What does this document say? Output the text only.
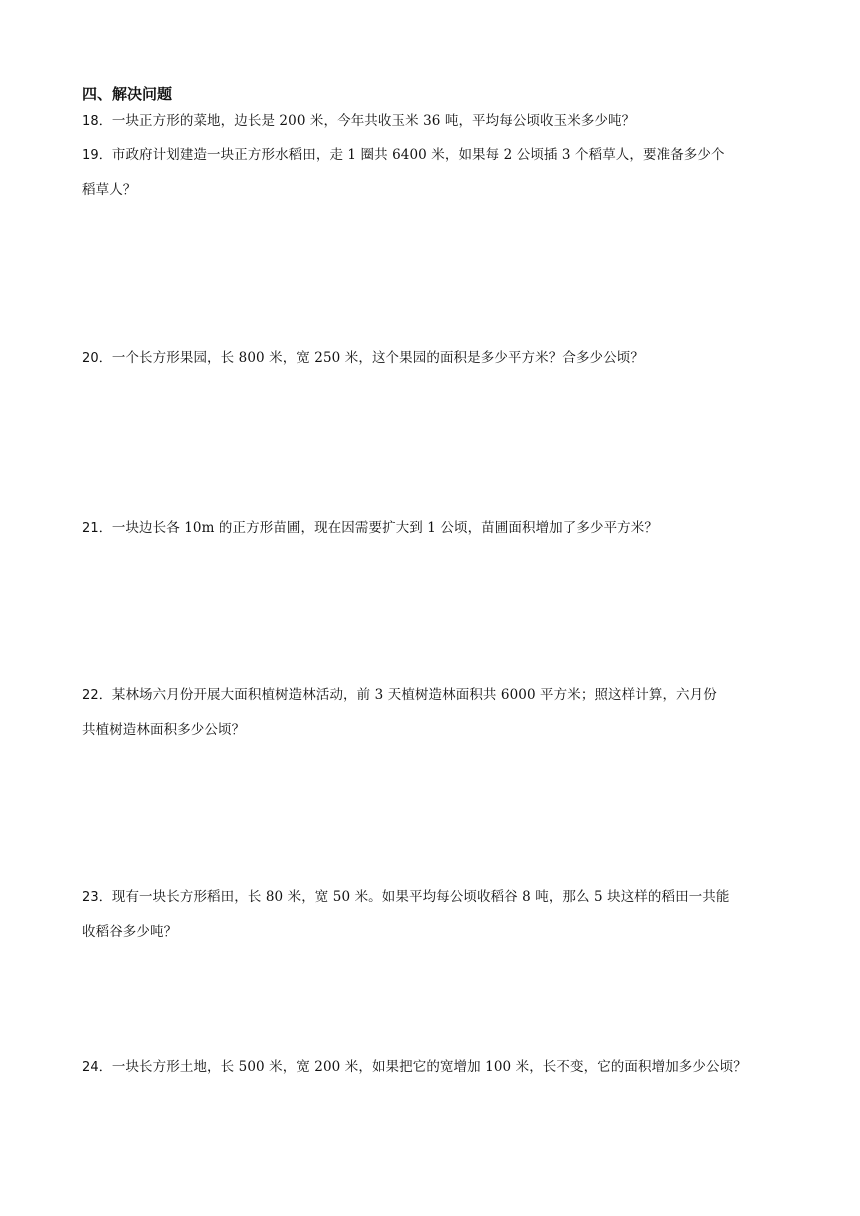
四、解决问题
18．一块正方形的菜地，边长是 200 米，今年共收玉米 36 吨，平均每公顷收玉米多少吨？
19．市政府计划建造一块正方形水稻田，走 1 圈共 6400 米，如果每 2 公顷插 3 个稻草人，要准备多少个
稻草人？
20．一个长方形果园，长 800 米，宽 250 米，这个果园的面积是多少平方米？合多少公顷？
21．一块边长各 10m 的正方形苗圃，现在因需要扩大到 1 公顷，苗圃面积增加了多少平方米？
22．某林场六月份开展大面积植树造林活动，前 3 天植树造林面积共 6000 平方米；照这样计算，六月份
共植树造林面积多少公顷？
23．现有一块长方形稻田，长 80 米，宽 50 米。如果平均每公顷收稻谷 8 吨，那么 5 块这样的稻田一共能
收稻谷多少吨？
24．一块长方形土地，长 500 米，宽 200 米，如果把它的宽增加 100 米，长不变，它的面积增加多少公顷？
